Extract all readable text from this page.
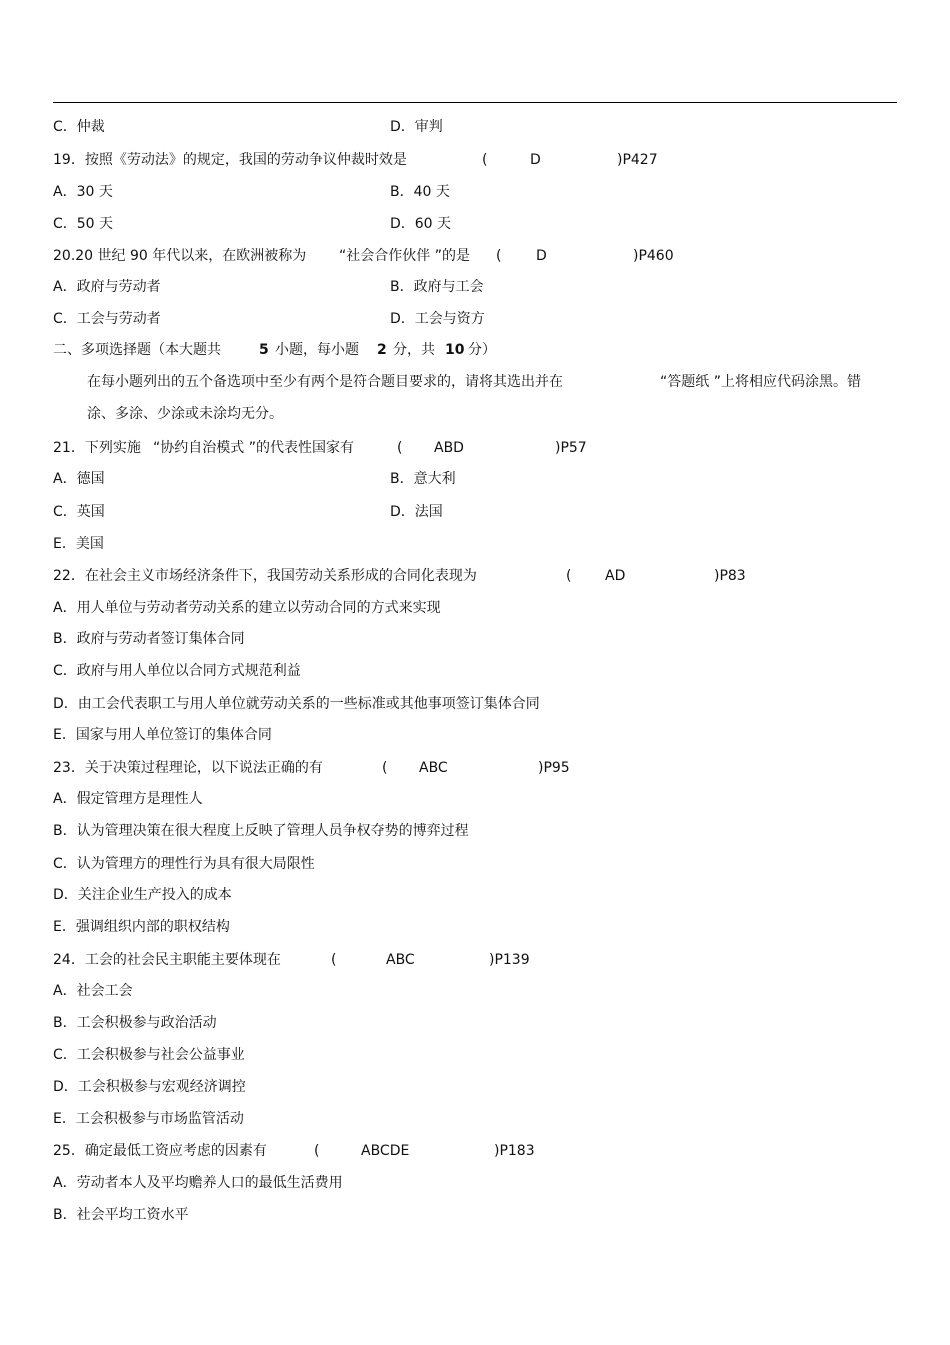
C．仲裁	D．审判
19．按照《劳动法》的规定，我国的劳动争议仲裁时效是	(	D	)P427
A．30 天	B．40 天
C．50 天	D．60 天
20.20 世纪 90 年代以来，在欧洲被称为 “社会合作伙伴 ”的是 ( D	)P460
A．政府与劳动者	B．政府与工会
C．工会与劳动者	D．工会与资方
二、多项选择题（本大题共	5 小题，每小题 2 分，共 10 分）
在每小题列出的五个备选项中至少有两个是符合题目要求的，请将其选出并在	“答题纸 ”上将相应代码涂黑。错
涂、多涂、少涂或未涂均无分。
21．下列实施 “协约自治模式 ”的代表性国家有	( ABD	)P57
A．德国	B．意大利
C．英国	D．法国
E．美国
22．在社会主义市场经济条件下，我国劳动关系形成的合同化表现为	( AD	)P83
A．用人单位与劳动者劳动关系的建立以劳动合同的方式来实现
B．政府与劳动者签订集体合同
C．政府与用人单位以合同方式规范利益
D．由工会代表职工与用人单位就劳动关系的一些标准或其他事项签订集体合同
E．国家与用人单位签订的集体合同
23．关于决策过程理论，以下说法正确的有	( ABC	)P95
A．假定管理方是理性人
B．认为管理决策在很大程度上反映了管理人员争权夺势的博弈过程
C．认为管理方的理性行为具有很大局限性
D．关注企业生产投入的成本
E．强调组织内部的职权结构
24．工会的社会民主职能主要体现在	(	ABC	)P139
A．社会工会
B．工会积极参与政治活动
C．工会积极参与社会公益事业
D．工会积极参与宏观经济调控
E．工会积极参与市场监管活动
25．确定最低工资应考虑的因素有	(	ABCDE	)P183
A．劳动者本人及平均赡养人口的最低生活费用
B．社会平均工资水平
